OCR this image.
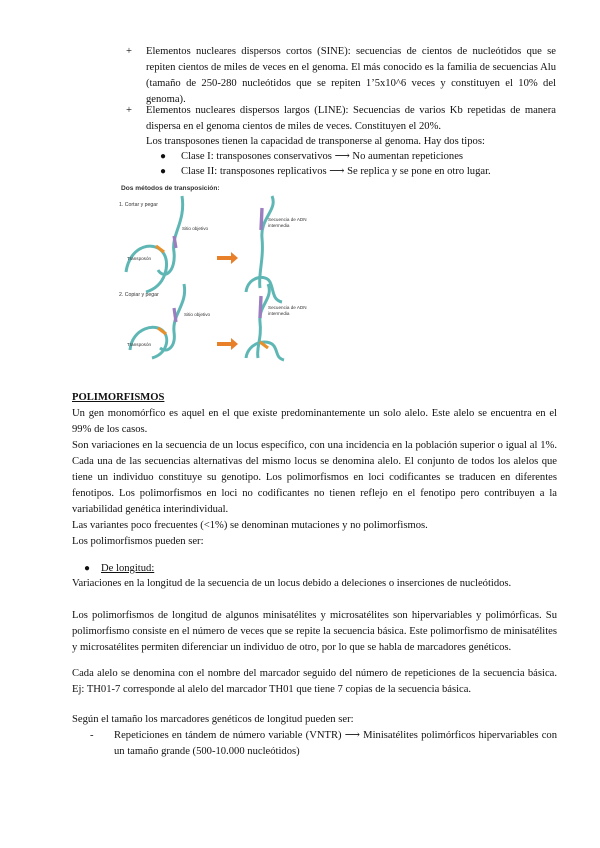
+	Elementos nucleares dispersos cortos (SINE): secuencias de cientos de nucleótidos que se repiten cientos de miles de veces en el genoma. El más conocido es la familia de secuencias Alu (tamaño de 250-280 nucleótidos que se repiten 1’5x10^6 veces y constituyen el 10% del genoma).
+	Elementos nucleares dispersos largos (LINE): Secuencias de varios Kb repetidas de manera dispersa en el genoma cientos de miles de veces. Constituyen el 20%.
Los transposones tienen la capacidad de transponerse al genoma. Hay dos tipos:
● Clase I: transposones conservativos ⟶ No aumentan repeticiones
● Clase II: transposones replicativos ⟶ Se replica y se pone en otro lugar.
Dos métodos de transposición:
1. Cortar y pegar
Sitio objetivo
Transposón
Secuencia de ADN
intermedia
2. Copiar y pegar
Sitio objetivo
Transposón
Secuencia de ADN
intermedia
POLIMORFISMOS
Un gen monomórfico es aquel en el que existe predominantemente un solo alelo. Este alelo se encuentra en el 99% de los casos.
Son variaciones en la secuencia de un locus específico, con una incidencia en la población superior o igual al 1%. Cada una de las secuencias alternativas del mismo locus se denomina alelo. El conjunto de todos los alelos que tiene un individuo constituye su genotipo. Los polimorfismos en loci codificantes se traducen en diferentes fenotipos. Los polimorfismos en loci no codificantes no tienen reflejo en el fenotipo pero contribuyen a la variabilidad genética interindividual.
Las variantes poco frecuentes (<1%) se denominan mutaciones y no polimorfismos.
Los polimorfismos pueden ser:
● De longitud:
Variaciones en la longitud de la secuencia de un locus debido a deleciones o inserciones de nucleótidos.
Los polimorfismos de longitud de algunos minisatélites y microsatélites son hipervariables y polimórficas. Su polimorfismo consiste en el número de veces que se repite la secuencia básica. Este polimorfismo de minisatélites y microsatélites permiten diferenciar un individuo de otro, por lo que se habla de marcadores genéticos.
Cada alelo se denomina con el nombre del marcador seguido del número de repeticiones de la secuencia básica. Ej: TH01-7 corresponde al alelo del marcador TH01 que tiene 7 copias de la secuencia básica.
Según el tamaño los marcadores genéticos de longitud pueden ser:
- Repeticiones en tándem de número variable (VNTR) ⟶ Minisatélites polimórficos hipervariables con un tamaño grande (500-10.000 nucleótidos)
